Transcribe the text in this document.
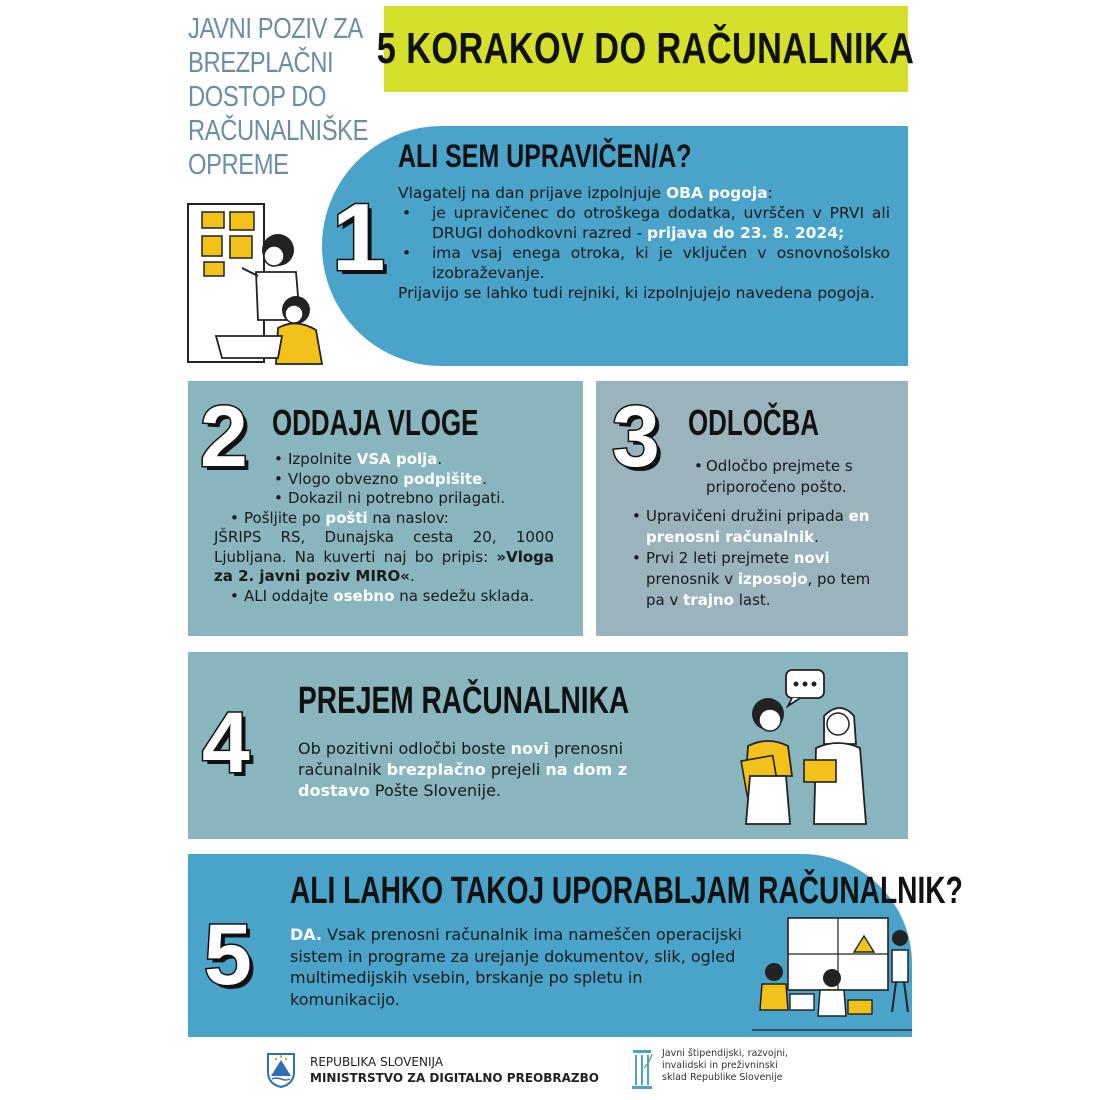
JAVNI POZIV ZA
BREZPLAČNI
DOSTOP DO
RAČUNALNIŠKE
OPREME
5 KORAKOV DO RAČUNALNIKA
1
ALI SEM UPRAVIČEN/A?
Vlagatelj na dan prijave izpolnjuje OBA pogoja:
• je upravičenec do otroškega dodatka, uvrščen v PRVI ali DRUGI dohodkovni razred - prijava do 23. 8. 2024;
• ima vsaj enega otroka, ki je vključen v osnovnošolsko izobraževanje.
Prijavijo se lahko tudi rejniki, ki izpolnjujejo navedena pogoja.
2 ODDAJA VLOGE
• Izpolnite VSA polja.
• Vlogo obvezno podpišite.
• Dokazil ni potrebno prilagati.
• Pošljite po pošti na naslov:
JŠRIPS RS, Dunajska cesta 20, 1000 Ljubljana. Na kuverti naj bo pripis: »Vloga za 2. javni poziv MIRO«.
• ALI oddajte osebno na sedežu sklada.
3 ODLOČBA
• Odločbo prejmete s priporočeno pošto.
• Upravičeni družini pripada en prenosni računalnik.
• Prvi 2 leti prejmete novi prenosnik v izposojo, po tem pa v trajno last.
4 PREJEM RAČUNALNIKA
Ob pozitivni odločbi boste novi prenosni računalnik brezplačno prejeli na dom z dostavo Pošte Slovenije.
5
ALI LAHKO TAKOJ UPORABLJAM RAČUNALNIK?
DA. Vsak prenosni računalnik ima nameščen operacijski sistem in programe za urejanje dokumentov, slik, ogled multimedijskih vsebin, brskanje po spletu in komunikacijo.
REPUBLIKA SLOVENIJA
MINISTRSTVO ZA DIGITALNO PREOBRAZBO
Javni štipendijski, razvojni,
invalidski in preživninski
sklad Republike Slovenije
